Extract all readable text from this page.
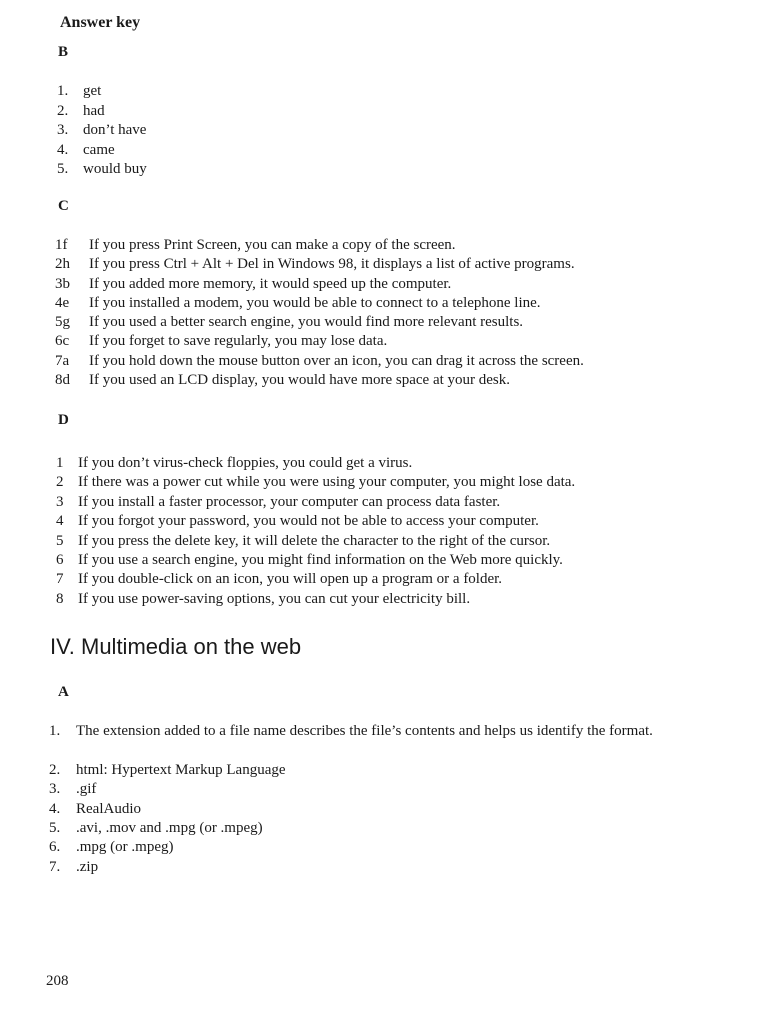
Answer key
B
1. get
2. had
3. don’t have
4. came
5. would buy
C
1f If you press Print Screen, you can make a copy of the screen.
2h If you press Ctrl + Alt + Del in Windows 98, it displays a list of active programs.
3b If you added more memory, it would speed up the computer.
4e If you installed a modem, you would be able to connect to a telephone line.
5g If you used a better search engine, you would find more relevant results.
6c If you forget to save regularly, you may lose data.
7a If you hold down the mouse button over an icon, you can drag it across the screen.
8d If you used an LCD display, you would have more space at your desk.
D
1 If you don’t virus-check floppies, you could get a virus.
2 If there was a power cut while you were using your computer, you might lose data.
3 If you install a faster processor, your computer can process data faster.
4 If you forgot your password, you would not be able to access your computer.
5 If you press the delete key, it will delete the character to the right of the cursor.
6 If you use a search engine, you might find information on the Web more quickly.
7 If you double-click on an icon, you will open up a program or a folder.
8 If you use power-saving options, you can cut your electricity bill.
IV. Multimedia on the web
A
1. The extension added to a file name describes the file’s contents and helps us identify the format.
2. html: Hypertext Markup Language
3. .gif
4. RealAudio
5. .avi, .mov and .mpg (or .mpeg)
6. .mpg (or .mpeg)
7. .zip
208
